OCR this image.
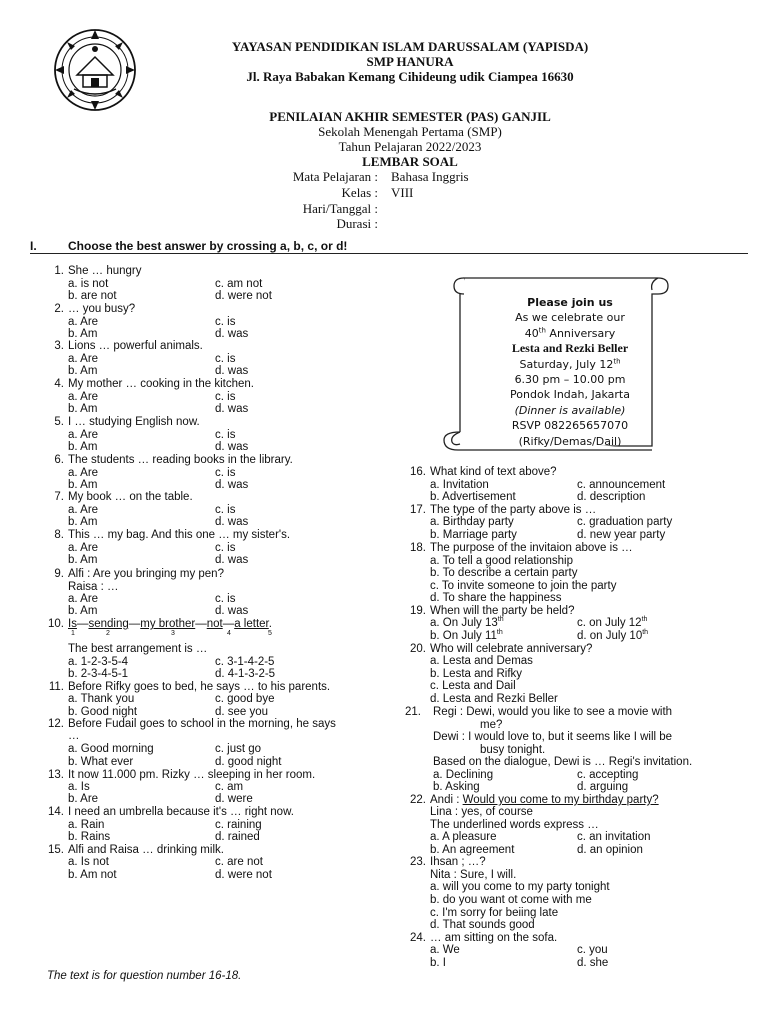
YAYASAN PENDIDIKAN ISLAM DARUSSALAM (YAPISDA)
SMP HANURA
Jl. Raya Babakan Kemang Cihideung udik Ciampea 16630
PENILAIAN AKHIR SEMESTER (PAS) GANJIL
Sekolah Menengah Pertama (SMP)
Tahun Pelajaran 2022/2023
LEMBAR SOAL
Mata Pelajaran : Bahasa Inggris
Kelas : VIII
Hari/Tanggal :
Durasi :
I.	Choose the best answer by crossing a, b, c, or d!
1. She … hungry
a. is not	c. am not
b. are not	d. were not
2. … you busy?
a. Are	c. is
b. Am	d. was
3. Lions … powerful animals.
a. Are	c. is
b. Am	d. was
4. My mother … cooking in the kitchen.
a. Are	c. is
b. Am	d. was
5. I … studying English now.
a. Are	c. is
b. Am	d. was
6. The students … reading books in the library.
a. Are	c. is
b. Am	d. was
7. My book … on the table.
a. Are	c. is
b. Am	d. was
8. This … my bag. And this one … my sister's.
a. Are	c. is
b. Am	d. was
9. Alfi : Are you bringing my pen?
Raisa : …
a. Are	c. is
b. Am	d. was
10. Is—sending—my brother—not—a letter.
1	2	3	4	5
The best arrangement is …
a. 1-2-3-5-4	c. 3-1-4-2-5
b. 2-3-4-5-1	d. 4-1-3-2-5
11. Before Rifky goes to bed, he says … to his parents.
a. Thank you	c. good bye
b. Good night	d. see you
12. Before Fudail goes to school in the morning, he says
…
a. Good morning	c. just go
b. What ever	d. good night
13. It now 11.000 pm. Rizky … sleeping in her room.
a. Is	c. am
b. Are	d. were
14. I need an umbrella because it's … right now.
a. Rain	c. raining
b. Rains	d. rained
15. Alfi and Raisa … drinking milk.
a. Is not	c. are not
b. Am not	d. were not
The text is for question number 16-18.
Please join us
As we celebrate our
40th Anniversary
Lesta and Rezki Beller
Saturday, July 12th
6.30 pm – 10.00 pm
Pondok Indah, Jakarta
(Dinner is available)
RSVP 082265657070
(Rifky/Demas/Dail)
16. What kind of text above?
a. Invitation	c. announcement
b. Advertisement	d. description
17. The type of the party above is …
a. Birthday party	c. graduation party
b. Marriage party	d. new year party
18. The purpose of the invitaion above is …
a. To tell a good relationship
b. To describe a certain party
c. To invite someone to join the party
d. To share the happiness
19. When will the party be held?
a. On July 13th	c. on July 12th
b. On July 11th	d. on July 10th
20. Who will celebrate anniversary?
a. Lesta and Demas
b. Lesta and Rifky
c. Lesta and Dail
d. Lesta and Rezki Beller
21.	Regi : Dewi, would you like to see a movie with
me?
Dewi : I would love to, but it seems like I will be
busy tonight.
Based on the dialogue, Dewi is … Regi's invitation.
a. Declining	c. accepting
b. Asking	d. arguing
22. Andi : Would you come to my birthday party?
Lina : yes, of course
The underlined words express …
a. A pleasure	c. an invitation
b. An agreement	d. an opinion
23. Ihsan ; …?
Nita : Sure, I will.
a. will you come to my party tonight
b. do you want ot come with me
c. I'm sorry for beiing late
d. That sounds good
24. … am sitting on the sofa.
a. We	c. you
b. I	d. she
